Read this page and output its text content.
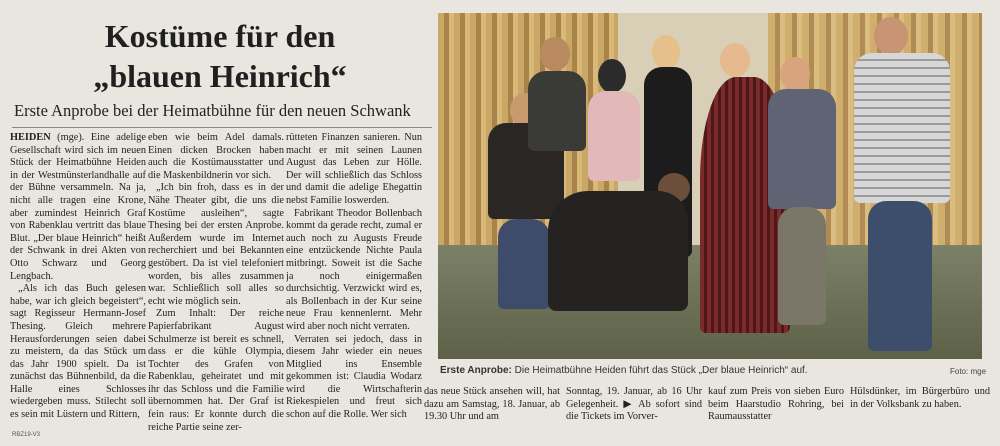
Kostüme für den
„blauen Heinrich“
Erste Anprobe bei der Heimatbühne für den neuen Schwank

HEIDEN (mge). Eine adelige Gesellschaft wird sich im neuen Stück der Heimatbühne Heiden in der Westmünsterlandhalle auf der Bühne versammeln. Na ja, nicht alle tragen eine Krone, aber zumindest Heinrich Graf von Rabenklau vertritt das blaue Blut. „Der blaue Heinrich“ heißt der Schwank in drei Akten von Otto Schwarz und Georg Lengbach.

„Als ich das Buch gelesen habe, war ich gleich begeistert“, sagt Regisseur Hermann-Josef Thesing. Gleich mehrere Herausforderungen seien dabei zu meistern, da das Stück um das Jahr 1900 spielt. Da ist zunächst das Bühnenbild, da die Halle eines Schlosses wiedergeben muss. Stilecht soll es sein mit Lüstern und Rittern,

eben wie beim Adel damals. Einen dicken Brocken haben auch die Kostümausstatter und die Maskenbildnerin vor sich.

„Ich bin froh, dass es in der Nähe Theater gibt, die uns die Kostüme ausleihen“, sagte Thesing bei der ersten Anprobe. Außerdem wurde im Internet recherchiert und bei Bekannten gestöbert. Da ist viel telefoniert worden, bis alles zusammen war. Schließlich soll alles so echt wie möglich sein.

Zum Inhalt: Der reiche Papierfabrikant August Schulmerze ist bereit es schnell, dass er die kühle Olympia, Tochter des Grafen von Rabenklau, geheiratet und mit ihr das Schloss und die Familie übernommen hat. Der Graf ist fein raus: Er konnte durch die reiche Partie seine zer-

rütteten Finanzen sanieren. Nun macht er mit seinen Launen August das Leben zur Hölle. Der will schließlich das Schloss und damit die adelige Ehegattin nebst Familie loswerden.

Fabrikant Theodor Bollenbach kommt da gerade recht, zumal er auch noch zu Augusts Freude eine entzückende Nichte Paula mitbringt. Soweit ist die Sache ja noch einigermaßen durchsichtig. Verzwickt wird es, als Bollenbach in der Kur seine neue Frau kennenlernt. Mehr wird aber noch nicht verraten.

Verraten sei jedoch, dass in diesem Jahr wieder ein neues Mitglied ins Ensemble gekommen ist: Claudia Wodarz wird die Wirtschafterin Riekespielen und freut sich schon auf die Rolle. Wer sich

Erste Anprobe: Die Heimatbühne Heiden führt das Stück „Der blaue Heinrich“ auf.	Foto: mge
das neue Stück ansehen will, hat dazu am Samstag, 18. Januar, ab 19.30 Uhr und am
Sonntag, 19. Januar, ab 16 Uhr Gelegenheit. ▶ Ab sofort sind die Tickets im Vorver-
kauf zum Preis von sieben Euro beim Haarstudio Rohring, bei Raumausstatter
Hülsdünker, im Bürgerbüro und in der Volksbank zu haben.
RBZ19-V3
